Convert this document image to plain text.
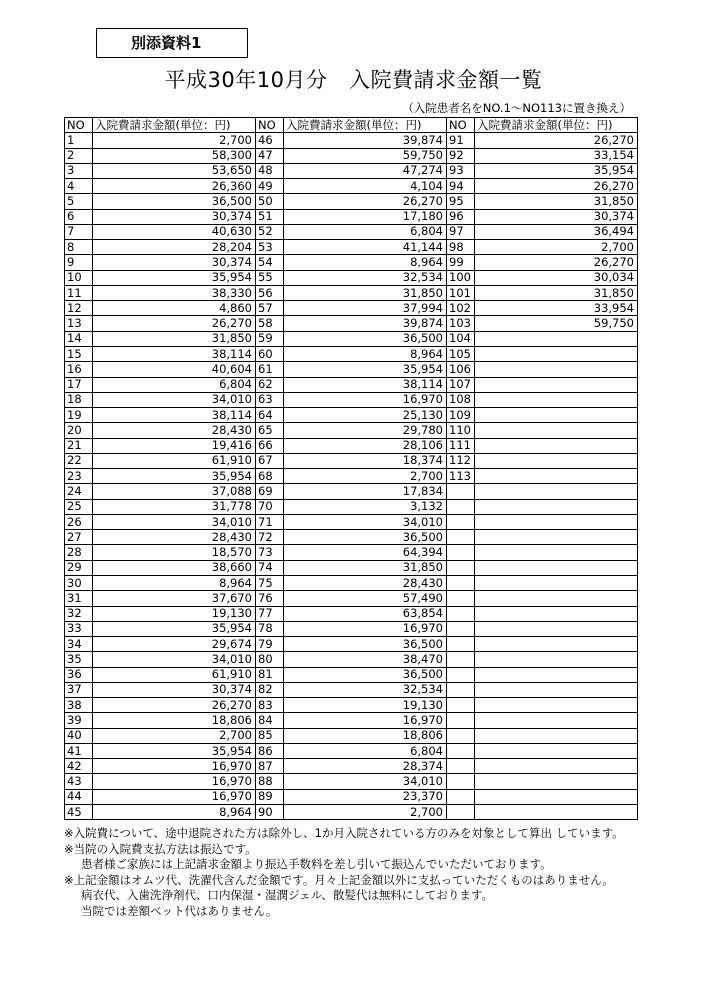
別添資料1
平成30年10月分　入院費請求金額一覧
（入院患者名をNO.1～NO113に置き換え）
NO	入院費請求金額(単位：円)	NO	入院費請求金額(単位：円)	NO	入院費請求金額(単位：円)
1	2,700	46	39,874	91	26,270
2	58,300	47	59,750	92	33,154
3	53,650	48	47,274	93	35,954
4	26,360	49	4,104	94	26,270
5	36,500	50	26,270	95	31,850
6	30,374	51	17,180	96	30,374
7	40,630	52	6,804	97	36,494
8	28,204	53	41,144	98	2,700
9	30,374	54	8,964	99	26,270
10	35,954	55	32,534	100	30,034
11	38,330	56	31,850	101	31,850
12	4,860	57	37,994	102	33,954
13	26,270	58	39,874	103	59,750
14	31,850	59	36,500	104	
15	38,114	60	8,964	105	
16	40,604	61	35,954	106	
17	6,804	62	38,114	107	
18	34,010	63	16,970	108	
19	38,114	64	25,130	109	
20	28,430	65	29,780	110	
21	19,416	66	28,106	111	
22	61,910	67	18,374	112	
23	35,954	68	2,700	113	
24	37,088	69	17,834		
25	31,778	70	3,132		
26	34,010	71	34,010		
27	28,430	72	36,500		
28	18,570	73	64,394		
29	38,660	74	31,850		
30	8,964	75	28,430		
31	37,670	76	57,490		
32	19,130	77	63,854		
33	35,954	78	16,970		
34	29,674	79	36,500		
35	34,010	80	38,470		
36	61,910	81	36,500		
37	30,374	82	32,534		
38	26,270	83	19,130		
39	18,806	84	16,970		
40	2,700	85	18,806		
41	35,954	86	6,804		
42	16,970	87	28,374		
43	16,970	88	34,010		
44	16,970	89	23,370		
45	8,964	90	2,700		
※入院費について、途中退院された方は除外し、1か月入院されている方のみを対象として算出 しています。
※当院の入院費支払方法は振込です。
患者様ご家族には上記請求金額より振込手数料を差し引いて振込んでいただいております。
※上記金額はオムツ代、洗濯代含んだ金額です。月々上記金額以外に支払っていただくものはありません。
病衣代、入歯洗浄剤代、口内保湿・湿潤ジェル、散髪代は無料にしております。
当院では差額ベット代はありません。
